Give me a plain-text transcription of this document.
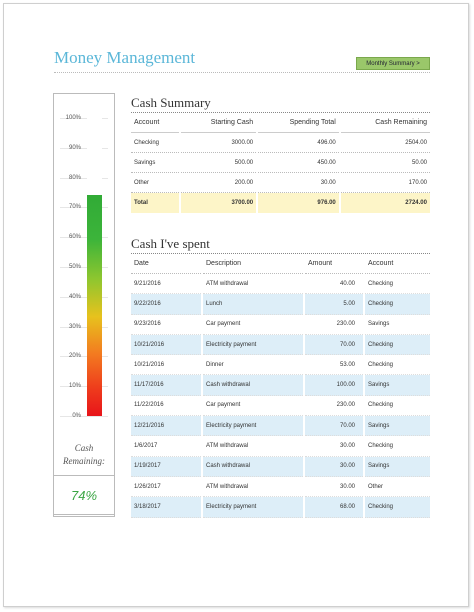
Money Management	Monthly Summary >
100%
90%
80%
70%
60%
50%
40%
30%
20%
10%
0%
Cash Remaining:
74%
Cash Summary
Account	Starting Cash	Spending Total	Cash Remaining
Checking	3000.00	496.00	2504.00
Savings	500.00	450.00	50.00
Other	200.00	30.00	170.00
Total	3700.00	976.00	2724.00
Cash I've spent
Date	Description	Amount	Account
9/21/2016	ATM withdrawal	40.00	Checking
9/22/2016	Lunch	5.00	Checking
9/23/2016	Car payment	230.00	Savings
10/21/2016	Electricity payment	70.00	Checking
10/21/2016	Dinner	53.00	Checking
11/17/2016	Cash withdrawal	100.00	Savings
11/22/2016	Car payment	230.00	Checking
12/21/2016	Electricity payment	70.00	Savings
1/6/2017	ATM withdrawal	30.00	Checking
1/19/2017	Cash withdrawal	30.00	Savings
1/26/2017	ATM withdrawal	30.00	Other
3/18/2017	Electricity payment	68.00	Checking
